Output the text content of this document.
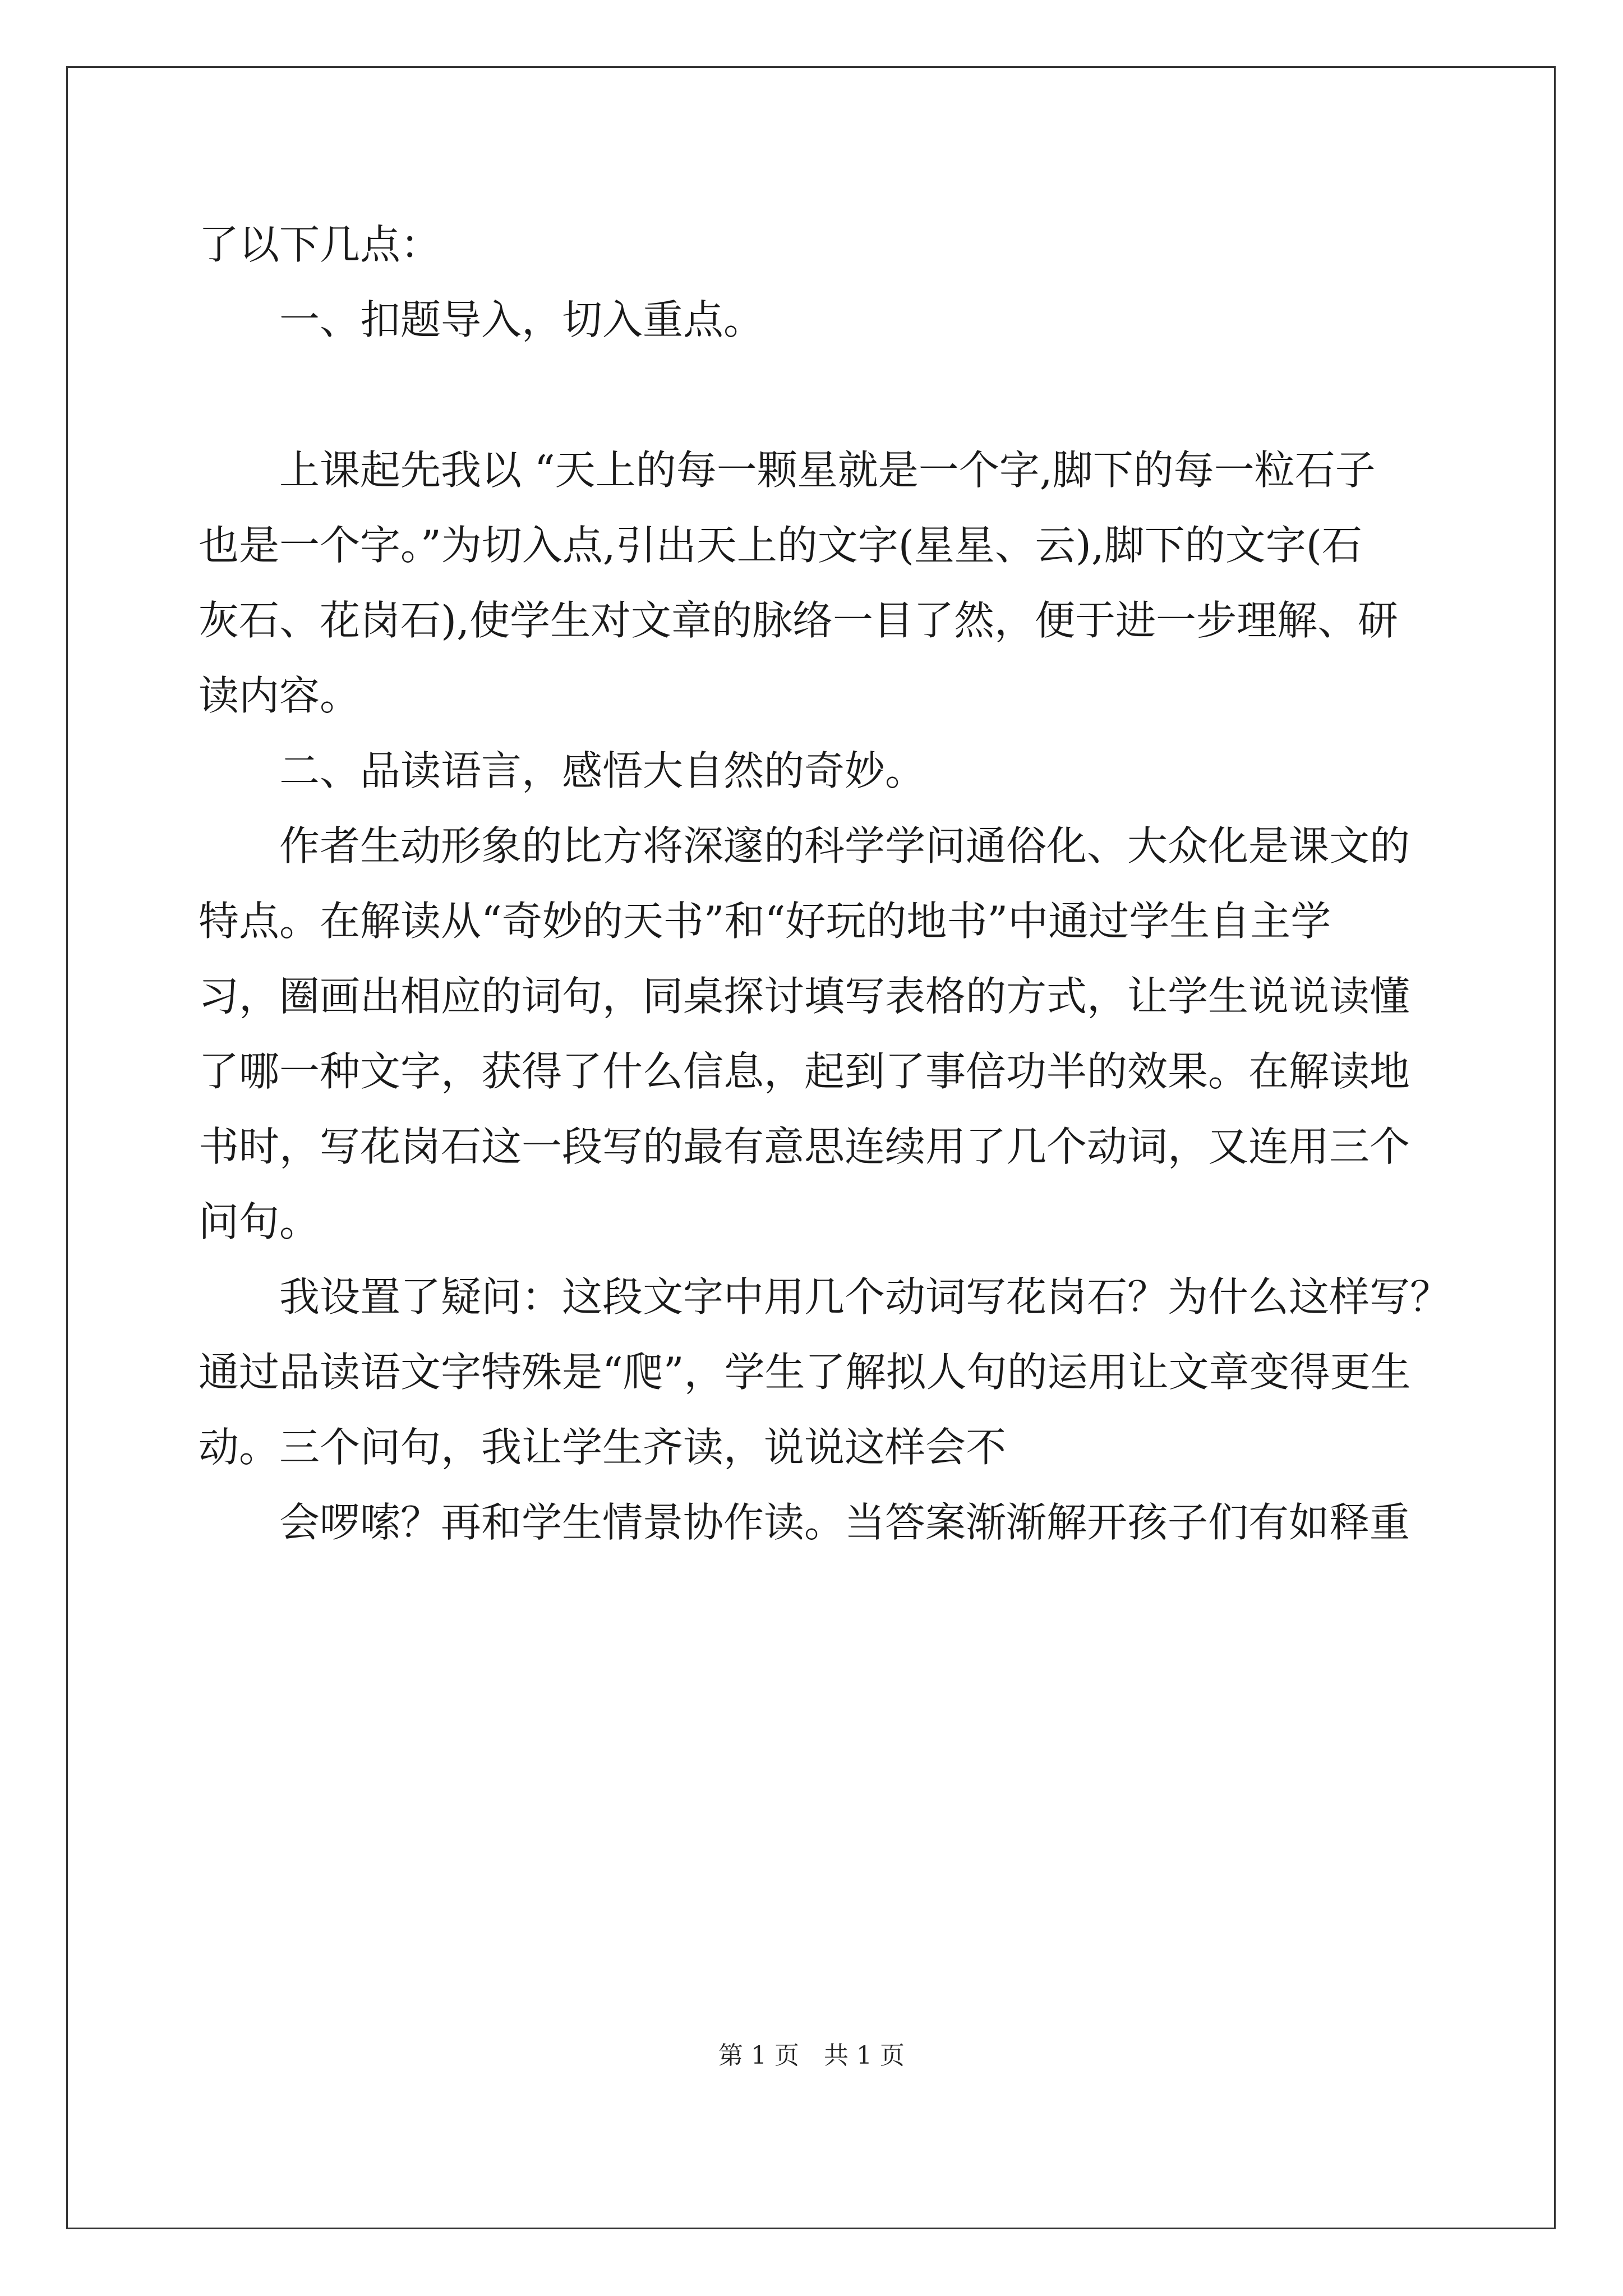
了以下几点：

　　一、扣题导入，切入重点。

　　上课起先我以 “天上的每一颗星就是一个字,脚下的每一粒石子

也是一个字。”为切入点,引出天上的文字(星星、云),脚下的文字(石

灰石、花岗石),使学生对文章的脉络一目了然，便于进一步理解、研

读内容。

　　二、品读语言，感悟大自然的奇妙。

　　作者生动形象的比方将深邃的科学学问通俗化、大众化是课文的

特点。在解读从“奇妙的天书”和“好玩的地书”中通过学生自主学

习，圈画出相应的词句，同桌探讨填写表格的方式，让学生说说读懂

了哪一种文字，获得了什么信息，起到了事倍功半的效果。在解读地

书时，写花岗石这一段写的最有意思连续用了几个动词，又连用三个

问句。

　　我设置了疑问：这段文字中用几个动词写花岗石？为什么这样写？

通过品读语文字特殊是“爬”，学生了解拟人句的运用让文章变得更生

动。三个问句，我让学生齐读，说说这样会不

　　会啰嗦？再和学生情景协作读。当答案渐渐解开孩子们有如释重

第 1 页　共 1 页
